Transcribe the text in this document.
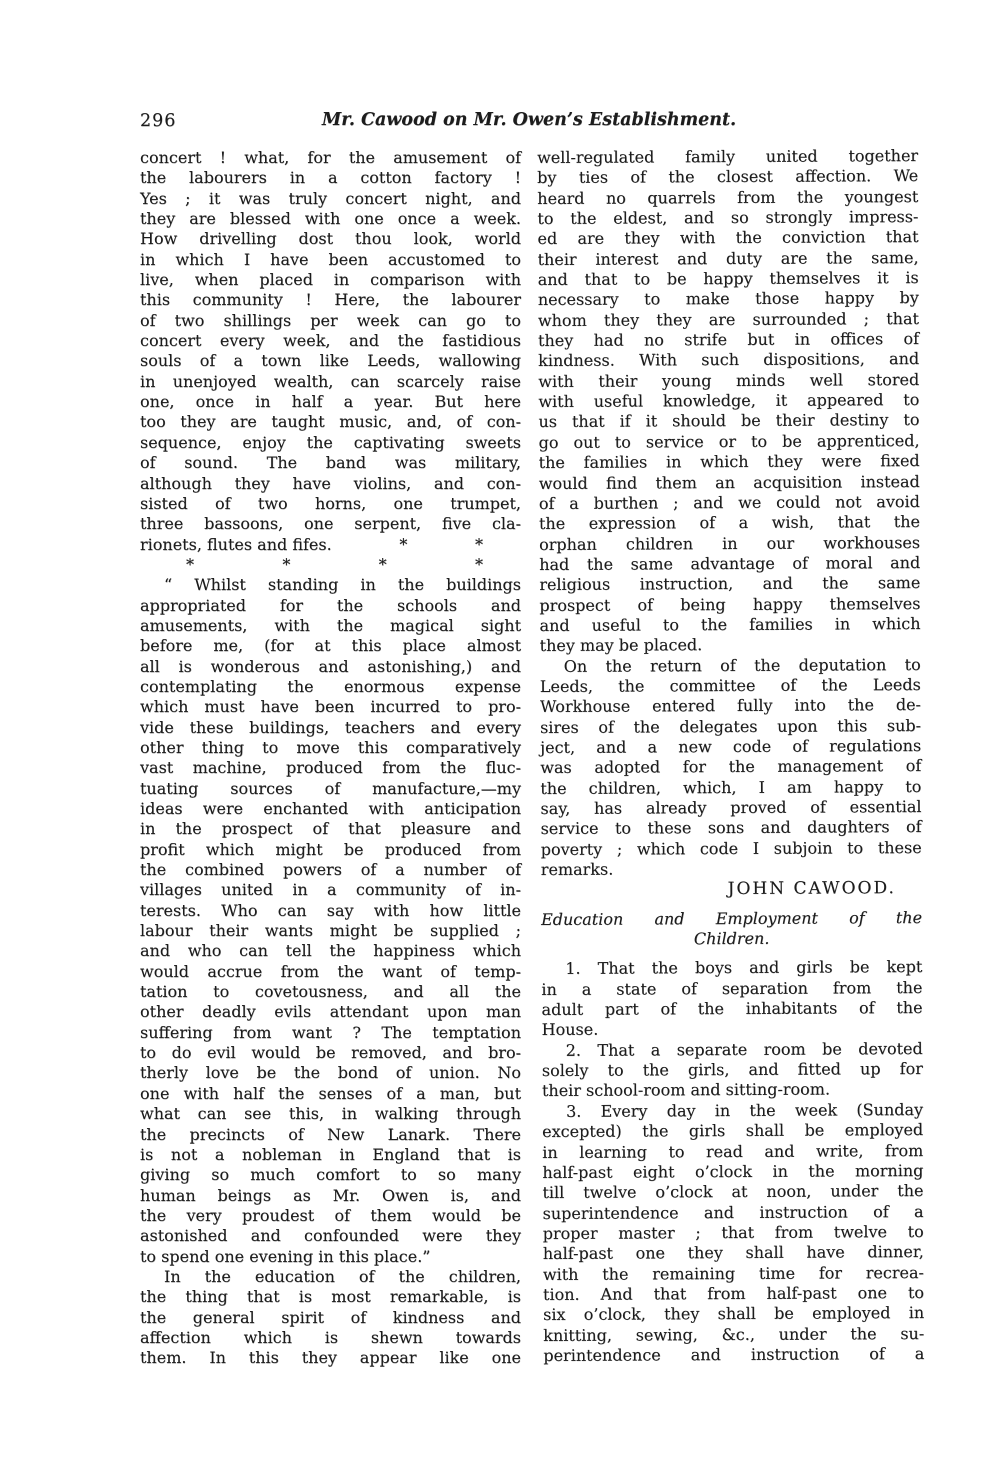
296	Mr. Cawood on Mr. Owen’s Establishment.
concert ! what, for the amusement of
the labourers in a cotton factory !
Yes ; it was truly concert night, and
they are blessed with one once a week.
How drivelling dost thou look, world
in which I have been accustomed to
live, when placed in comparison with
this community ! Here, the labourer
of two shillings per week can go to
concert every week, and the fastidious
souls of a town like Leeds, wallowing
in unenjoyed wealth, can scarcely raise
one, once in half a year. But here
too they are taught music, and, of con-
sequence, enjoy the captivating sweets
of sound. The band was military,
although they have violins, and con-
sisted of two horns, one trumpet,
three bassoons, one serpent, five cla-
rionets, flutes and fifes.	*	*
*	*	*	*
“ Whilst standing in the buildings
appropriated for the schools and
amusements, with the magical sight
before me, (for at this place almost
all is wonderous and astonishing,) and
contemplating the enormous expense
which must have been incurred to pro-
vide these buildings, teachers and every
other thing to move this comparatively
vast machine, produced from the fluc-
tuating sources of manufacture,—my
ideas were enchanted with anticipation
in the prospect of that pleasure and
profit which might be produced from
the combined powers of a number of
villages united in a community of in-
terests. Who can say with how little
labour their wants might be supplied ;
and who can tell the happiness which
would accrue from the want of temp-
tation to covetousness, and all the
other deadly evils attendant upon man
suffering from want ? The temptation
to do evil would be removed, and bro-
therly love be the bond of union. No
one with half the senses of a man, but
what can see this, in walking through
the precincts of New Lanark. There
is not a nobleman in England that is
giving so much comfort to so many
human beings as Mr. Owen is, and
the very proudest of them would be
astonished and confounded were they
to spend one evening in this place.”
In the education of the children,
the thing that is most remarkable, is
the general spirit of kindness and
affection which is shewn towards
them. In this they appear like one
well-regulated family united together
by ties of the closest affection. We
heard no quarrels from the youngest
to the eldest, and so strongly impress-
ed are they with the conviction that
their interest and duty are the same,
and that to be happy themselves it is
necessary to make those happy by
whom they they are surrounded ; that
they had no strife but in offices of
kindness. With such dispositions, and
with their young minds well stored
with useful knowledge, it appeared to
us that if it should be their destiny to
go out to service or to be apprenticed,
the families in which they were fixed
would find them an acquisition instead
of a burthen ; and we could not avoid
the expression of a wish, that the
orphan children in our workhouses
had the same advantage of moral and
religious instruction, and the same
prospect of being happy themselves
and useful to the families in which
they may be placed.
On the return of the deputation to
Leeds, the committee of the Leeds
Workhouse entered fully into the de-
sires of the delegates upon this sub-
ject, and a new code of regulations
was adopted for the management of
the children, which, I am happy to
say, has already proved of essential
service to these sons and daughters of
poverty ; which code I subjoin to these
remarks.
JOHN CAWOOD.
Education and Employment of the
Children.
1. That the boys and girls be kept
in a state of separation from the
adult part of the inhabitants of the
House.
2. That a separate room be devoted
solely to the girls, and fitted up for
their school-room and sitting-room.
3. Every day in the week (Sunday
excepted) the girls shall be employed
in learning to read and write, from
half-past eight o’clock in the morning
till twelve o’clock at noon, under the
superintendence and instruction of a
proper master ; that from twelve to
half-past one they shall have dinner,
with the remaining time for recrea-
tion. And that from half-past one to
six o’clock, they shall be employed in
knitting, sewing, &c., under the su-
perintendence and instruction of a
